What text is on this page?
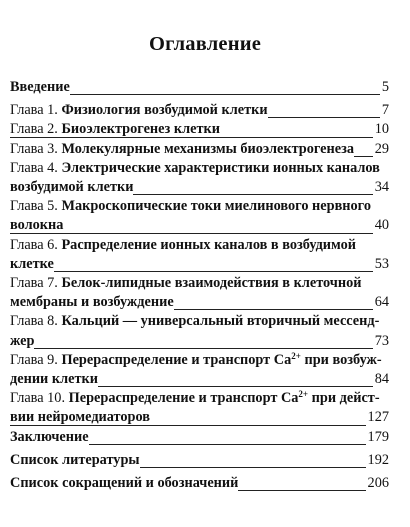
Оглавление
Введение	5
Глава 1. Физиология возбудимой клетки	7
Глава 2. Биоэлектрогенез клетки	10
Глава 3. Молекулярные механизмы биоэлектрогенеза 29
Глава 4. Электрические характеристики ионных каналов
возбудимой клетки	34
Глава 5. Макроскопические токи миелинового нервного
волокна	40
Глава 6. Распределение ионных каналов в возбудимой
клетке	53
Глава 7. Белок-липидные взаимодействия в клеточной
мембраны и возбуждение	64
Глава 8. Кальций — универсальный вторичный мессенд-
жер	73
Глава 9. Перераспределение и транспорт $Ca^{2+}$ при возбуж-
дении клетки	84
Глава 10. Перераспределение и транспорт $Ca^{2+}$ при дейст-
вии нейромедиаторов	127
Заключение	179
Список литературы	192
Список сокращений и обозначений	206
